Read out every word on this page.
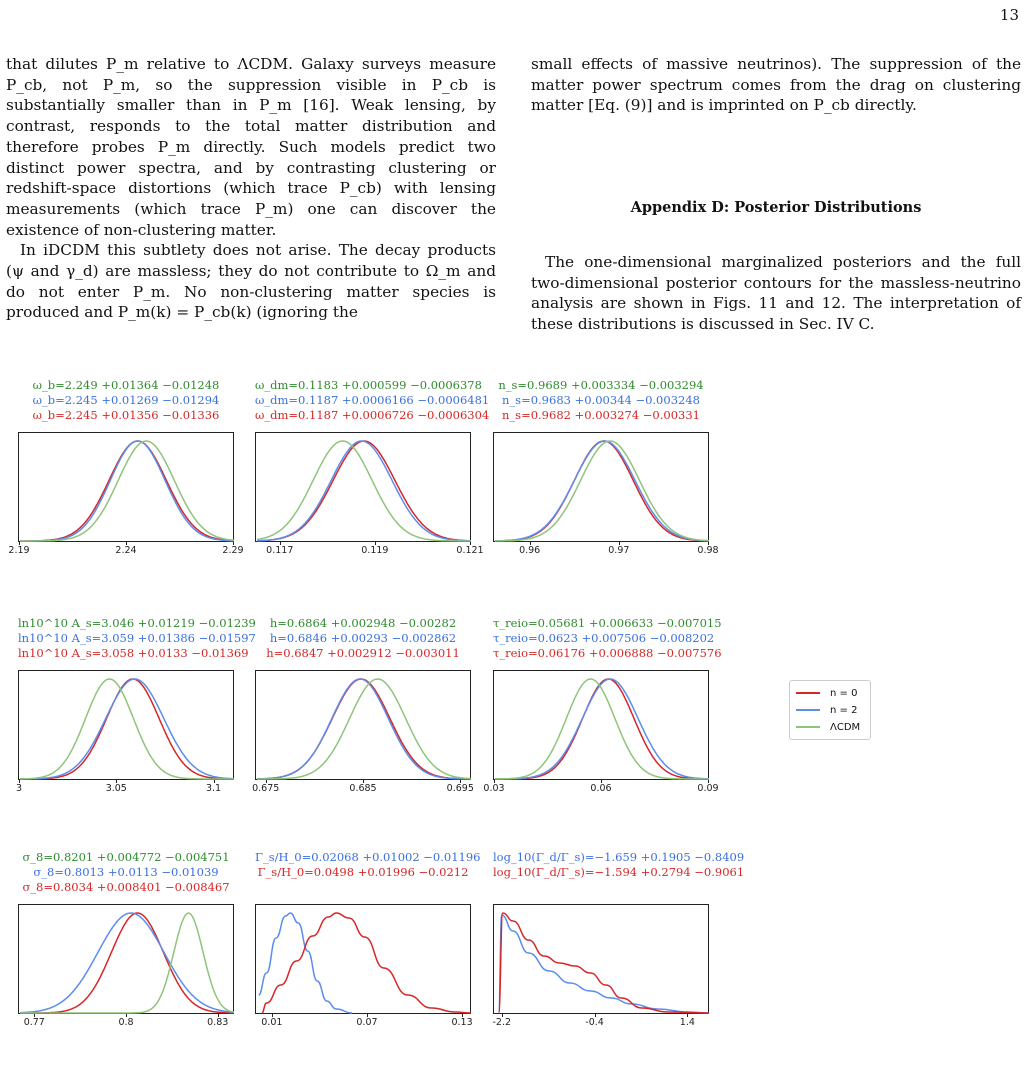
13

that dilutes P_m relative to ΛCDM. Galaxy surveys measure P_cb, not P_m, so the suppression visible in P_cb is substantially smaller than in P_m [16]. Weak lensing, by contrast, responds to the total matter distribution and therefore probes P_m directly. Such models predict two distinct power spectra, and by contrasting clustering or redshift-space distortions (which trace P_cb) with lensing measurements (which trace P_m) one can discover the existence of non-clustering matter.

In iDCDM this subtlety does not arise. The decay products (ψ and γ_d) are massless; they do not contribute to Ω_m and do not enter P_m. No non-clustering matter species is produced and P_m(k) = P_cb(k) (ignoring the

small effects of massive neutrinos). The suppression of the matter power spectrum comes from the drag on clustering matter [Eq. (9)] and is imprinted on P_cb directly.

Appendix D: Posterior Distributions

The one-dimensional marginalized posteriors and the full two-dimensional posterior contours for the massless-neutrino analysis are shown in Figs. 11 and 12. The interpretation of these distributions is discussed in Sec. IV C.

ω_b=2.249 +0.01364 −0.01248
ω_b=2.245 +0.01269 −0.01294
ω_b=2.245 +0.01356 −0.01336
2.19	2.24	2.29
ω_dm=0.1183 +0.000599 −0.0006378
ω_dm=0.1187 +0.0006166 −0.0006481
ω_dm=0.1187 +0.0006726 −0.0006304
0.117	0.119	0.121
n_s=0.9689 +0.003334 −0.003294
n_s=0.9683 +0.00344 −0.003248
n_s=0.9682 +0.003274 −0.00331
0.96	0.97	0.98
ln10^10 A_s=3.046 +0.01219 −0.01239
ln10^10 A_s=3.059 +0.01386 −0.01597
ln10^10 A_s=3.058 +0.0133 −0.01369
3	3.05	3.1
h=0.6864 +0.002948 −0.00282
h=0.6846 +0.00293 −0.002862
h=0.6847 +0.002912 −0.003011
0.675	0.685	0.695
τ_reio=0.05681 +0.006633 −0.007015
τ_reio=0.0623 +0.007506 −0.008202
τ_reio=0.06176 +0.006888 −0.007576
0.03	0.06	0.09
σ_8=0.8201 +0.004772 −0.004751
σ_8=0.8013 +0.0113 −0.01039
σ_8=0.8034 +0.008401 −0.008467
0.77	0.8	0.83
Γ_s/H_0=0.02068 +0.01002 −0.01196
Γ_s/H_0=0.0498 +0.01996 −0.0212
0.01	0.07	0.13
log_10(Γ_d/Γ_s)=−1.659 +0.1905 −0.8409
log_10(Γ_d/Γ_s)=−1.594 +0.2794 −0.9061
-2.2	-0.4	1.4
n = 0
n = 2
ΛCDM
